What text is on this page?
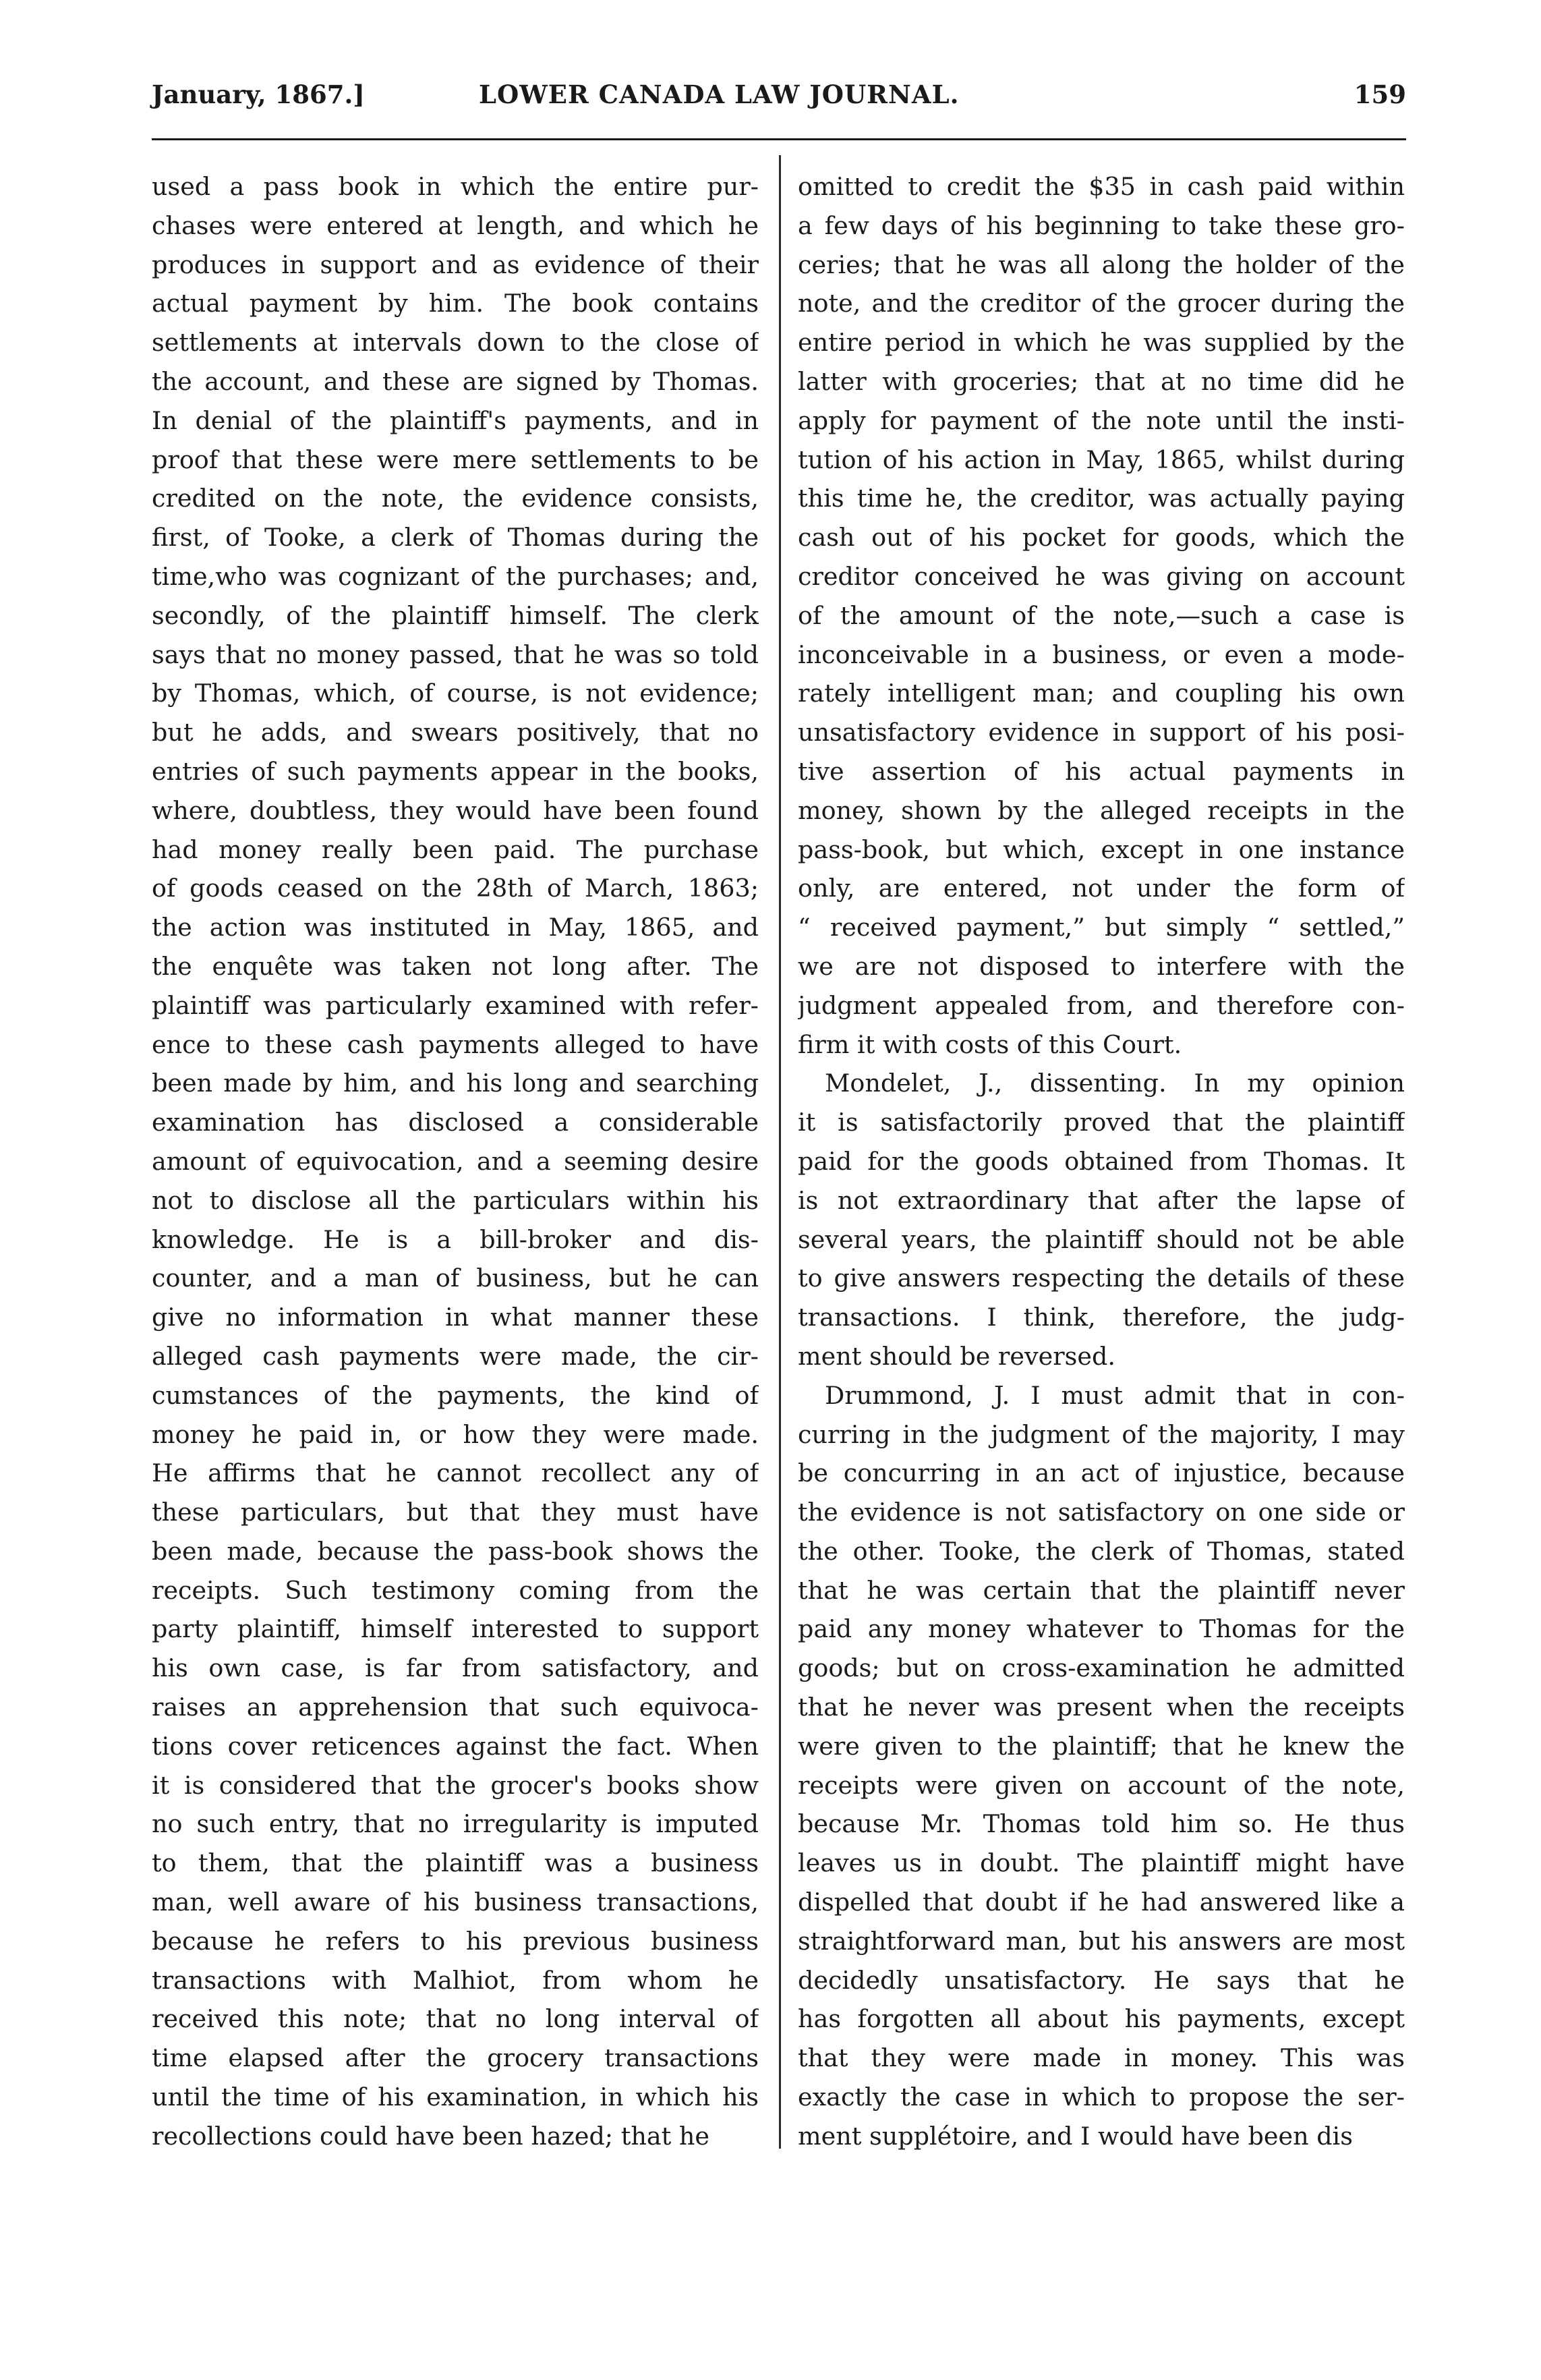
January, 1867.]	LOWER CANADA LAW JOURNAL.	159
used a pass book in which the entire pur-
chases were entered at length, and which he
produces in support and as evidence of their
actual payment by him. The book contains
settlements at intervals down to the close of
the account, and these are signed by Thomas.
In denial of the plaintiff's payments, and in
proof that these were mere settlements to be
credited on the note, the evidence consists,
first, of Tooke, a clerk of Thomas during the
time,who was cognizant of the purchases; and,
secondly, of the plaintiff himself. The clerk
says that no money passed, that he was so told
by Thomas, which, of course, is not evidence;
but he adds, and swears positively, that no
entries of such payments appear in the books,
where, doubtless, they would have been found
had money really been paid. The purchase
of goods ceased on the 28th of March, 1863;
the action was instituted in May, 1865, and
the enquête was taken not long after. The
plaintiff was particularly examined with refer-
ence to these cash payments alleged to have
been made by him, and his long and searching
examination has disclosed a considerable
amount of equivocation, and a seeming desire
not to disclose all the particulars within his
knowledge. He is a bill-broker and dis-
counter, and a man of business, but he can
give no information in what manner these
alleged cash payments were made, the cir-
cumstances of the payments, the kind of
money he paid in, or how they were made.
He affirms that he cannot recollect any of
these particulars, but that they must have
been made, because the pass-book shows the
receipts. Such testimony coming from the
party plaintiff, himself interested to support
his own case, is far from satisfactory, and
raises an apprehension that such equivoca-
tions cover reticences against the fact. When
it is considered that the grocer's books show
no such entry, that no irregularity is imputed
to them, that the plaintiff was a business
man, well aware of his business transactions,
because he refers to his previous business
transactions with Malhiot, from whom he
received this note; that no long interval of
time elapsed after the grocery transactions
until the time of his examination, in which his
recollections could have been hazed; that he
omitted to credit the $35 in cash paid within
a few days of his beginning to take these gro-
ceries; that he was all along the holder of the
note, and the creditor of the grocer during the
entire period in which he was supplied by the
latter with groceries; that at no time did he
apply for payment of the note until the insti-
tution of his action in May, 1865, whilst during
this time he, the creditor, was actually paying
cash out of his pocket for goods, which the
creditor conceived he was giving on account
of the amount of the note,—such a case is
inconceivable in a business, or even a mode-
rately intelligent man; and coupling his own
unsatisfactory evidence in support of his posi-
tive assertion of his actual payments in
money, shown by the alleged receipts in the
pass-book, but which, except in one instance
only, are entered, not under the form of
“ received payment,” but simply “ settled,”
we are not disposed to interfere with the
judgment appealed from, and therefore con-
firm it with costs of this Court.
Mondelet, J., dissenting. In my opinion
it is satisfactorily proved that the plaintiff
paid for the goods obtained from Thomas. It
is not extraordinary that after the lapse of
several years, the plaintiff should not be able
to give answers respecting the details of these
transactions. I think, therefore, the judg-
ment should be reversed.
Drummond, J. I must admit that in con-
curring in the judgment of the majority, I may
be concurring in an act of injustice, because
the evidence is not satisfactory on one side or
the other. Tooke, the clerk of Thomas, stated
that he was certain that the plaintiff never
paid any money whatever to Thomas for the
goods; but on cross-examination he admitted
that he never was present when the receipts
were given to the plaintiff; that he knew the
receipts were given on account of the note,
because Mr. Thomas told him so. He thus
leaves us in doubt. The plaintiff might have
dispelled that doubt if he had answered like a
straightforward man, but his answers are most
decidedly unsatisfactory. He says that he
has forgotten all about his payments, except
that they were made in money. This was
exactly the case in which to propose the ser-
ment supplétoire, and I would have been dis
